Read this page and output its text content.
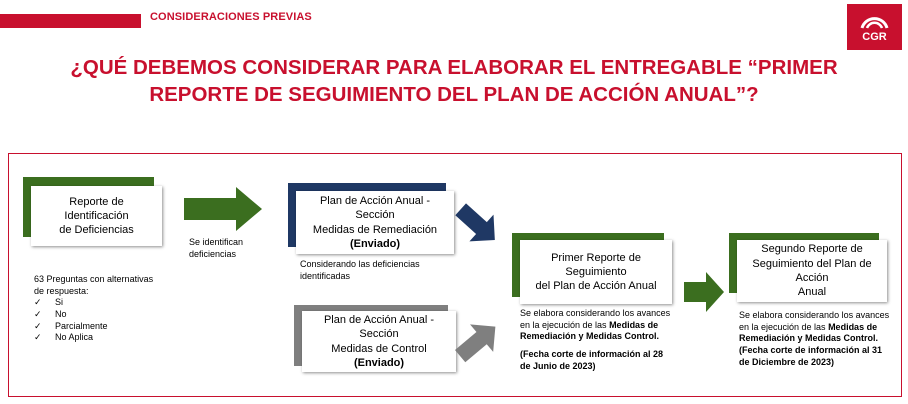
CONSIDERACIONES PREVIAS
CGR
¿QUÉ DEBEMOS CONSIDERAR PARA ELABORAR EL ENTREGABLE “PRIMER
REPORTE DE SEGUIMIENTO DEL PLAN DE ACCIÓN ANUAL”?
Reporte de Identificación
de Deficiencias
Se identifican
deficiencias
63 Preguntas con alternativas
de respuesta:
✓ Si
✓ No
✓ Parcialmente
✓ No Aplica
Plan de Acción Anual - Sección
Medidas de Remediación
(Enviado)
Considerando las deficiencias
identificadas
Plan de Acción Anual - Sección
Medidas de Control
(Enviado)
Primer Reporte de Seguimiento
del Plan de Acción Anual
Se elabora considerando los avances
en la ejecución de las Medidas de
Remediación y Medidas Control.
(Fecha corte de información al 28
de Junio de 2023)
Segundo Reporte de
Seguimiento del Plan de Acción
Anual
Se elabora considerando los avances
en la ejecución de las Medidas de
Remediación y Medidas Control.
(Fecha corte de información al 31
de Diciembre de 2023)
